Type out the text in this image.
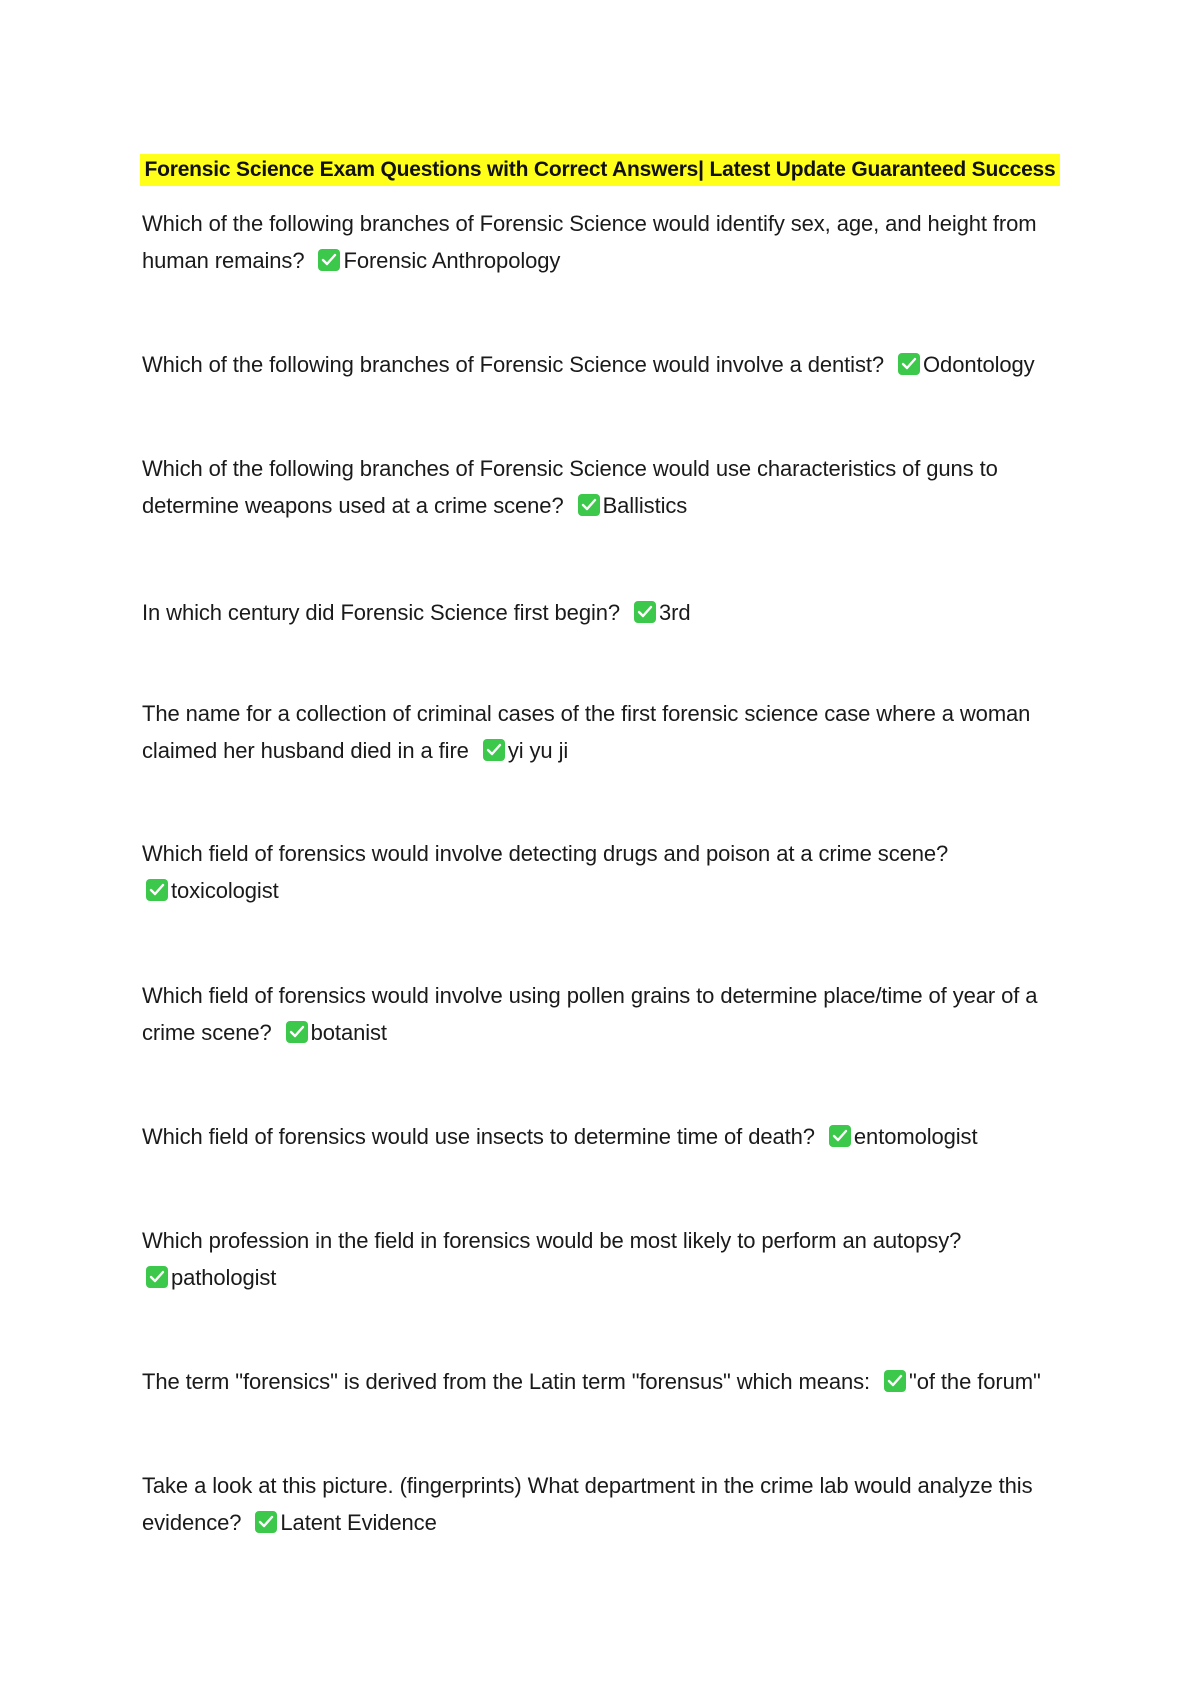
Forensic Science Exam Questions with Correct Answers| Latest Update Guaranteed Success
Which of the following branches of Forensic Science would identify sex, age, and height from human remains? Forensic Anthropology
Which of the following branches of Forensic Science would involve a dentist? Odontology
Which of the following branches of Forensic Science would use characteristics of guns to determine weapons used at a crime scene? Ballistics
In which century did Forensic Science first begin? 3rd
The name for a collection of criminal cases of the first forensic science case where a woman claimed her husband died in a fire yi yu ji
Which field of forensics would involve detecting drugs and poison at a crime scene?

toxicologist
Which field of forensics would involve using pollen grains to determine place/time of year of a crime scene? botanist
Which field of forensics would use insects to determine time of death? entomologist
Which profession in the field in forensics would be most likely to perform an autopsy?

pathologist
The term "forensics" is derived from the Latin term "forensus" which means: "of the forum"
Take a look at this picture. (fingerprints) What department in the crime lab would analyze this evidence? Latent Evidence
